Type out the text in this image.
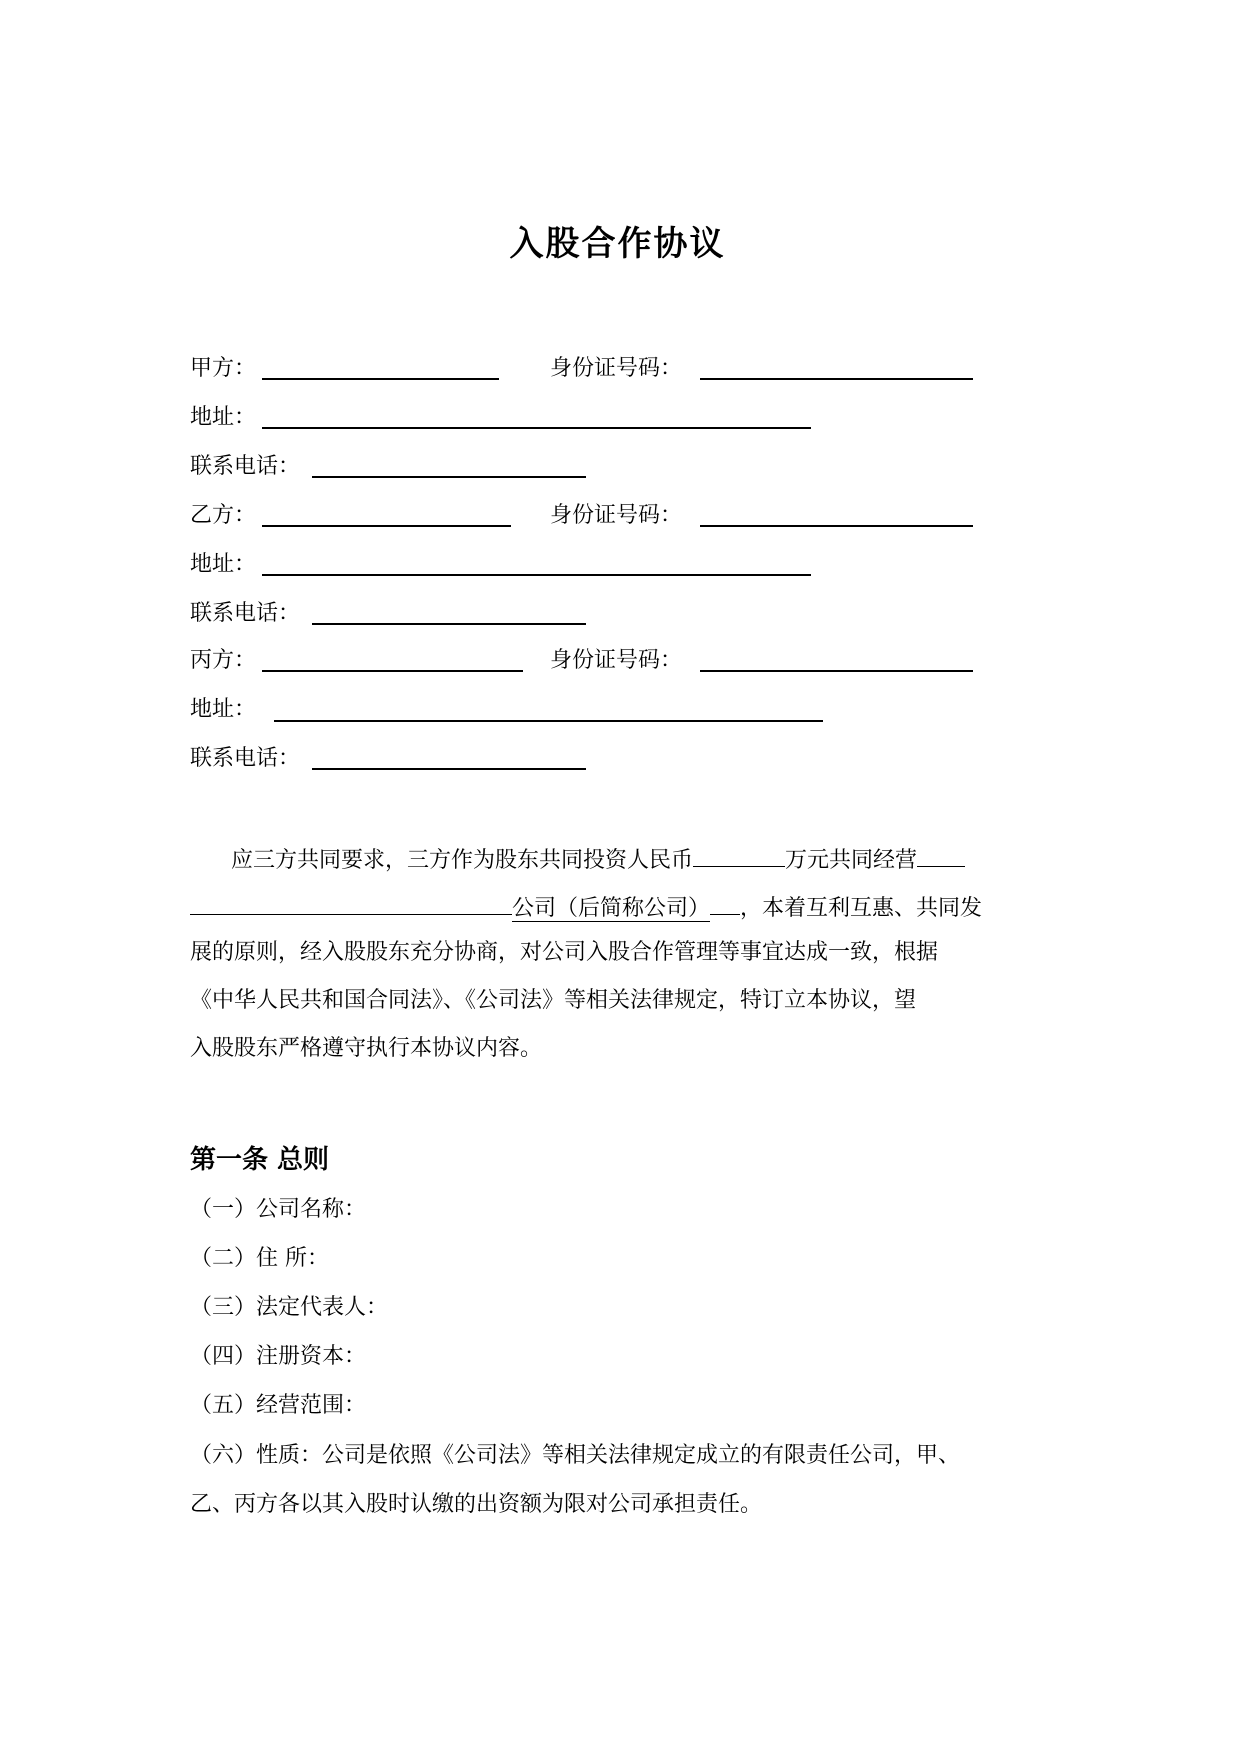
入股合作协议
甲方：	身份证号码：
地址：
联系电话：
乙方：	身份证号码：
地址：
联系电话：
丙方：	身份证号码：
地址：
联系电话：
应三方共同要求，三方作为股东共同投资人民币	万元共同经营
公司（后简称公司） ，本着互利互惠、共同发
展的原则，经入股股东充分协商，对公司入股合作管理等事宜达成一致，根据
《中华人民共和国合同法》、《公司法》等相关法律规定，特订立本协议，望
入股股东严格遵守执行本协议内容。
第一条 总则
（一）公司名称：
（二）住 所：
（三）法定代表人：
（四）注册资本：
（五）经营范围：
（六）性质：公司是依照《公司法》等相关法律规定成立的有限责任公司，甲、
乙、丙方各以其入股时认缴的出资额为限对公司承担责任。
